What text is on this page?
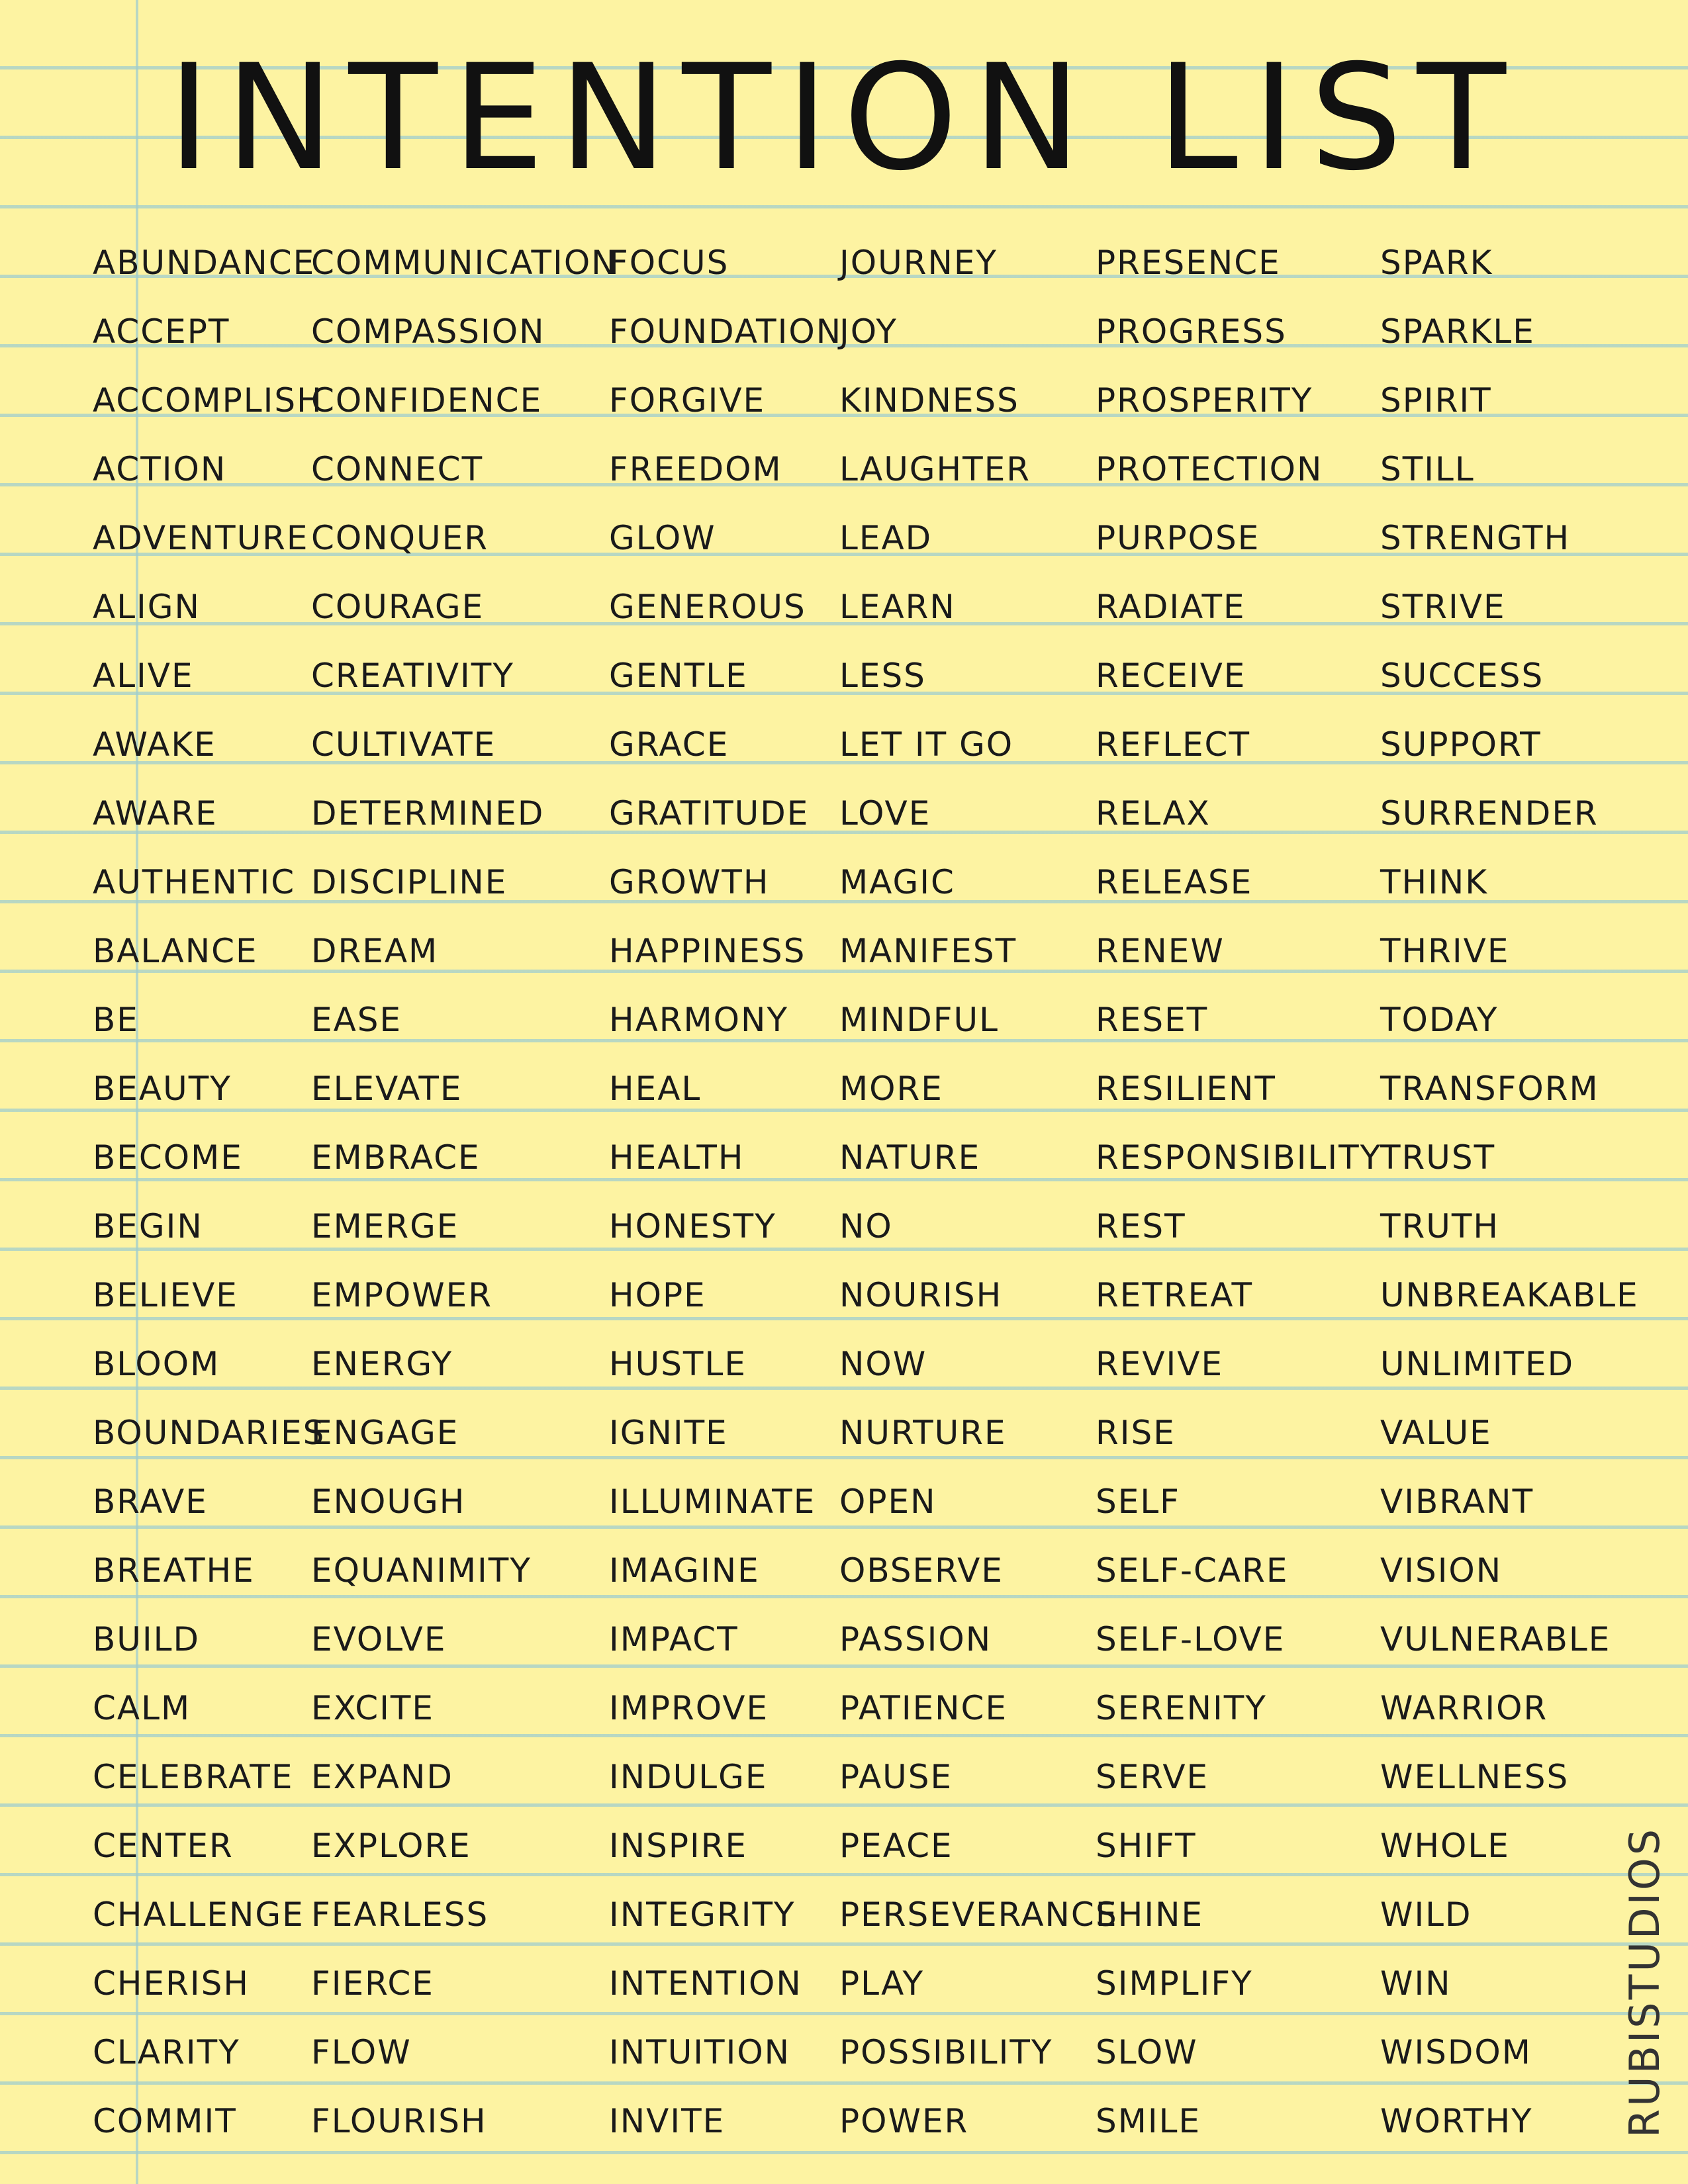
INTENTION LIST
ABUNDANCE
ACCEPT
ACCOMPLISH
ACTION
ADVENTURE
ALIGN
ALIVE
AWAKE
AWARE
AUTHENTIC
BALANCE
BE
BEAUTY
BECOME
BEGIN
BELIEVE
BLOOM
BOUNDARIES
BRAVE
BREATHE
BUILD
CALM
CELEBRATE
CENTER
CHALLENGE
CHERISH
CLARITY
COMMIT
COMMUNICATION
COMPASSION
CONFIDENCE
CONNECT
CONQUER
COURAGE
CREATIVITY
CULTIVATE
DETERMINED
DISCIPLINE
DREAM
EASE
ELEVATE
EMBRACE
EMERGE
EMPOWER
ENERGY
ENGAGE
ENOUGH
EQUANIMITY
EVOLVE
EXCITE
EXPAND
EXPLORE
FEARLESS
FIERCE
FLOW
FLOURISH
FOCUS
FOUNDATION
FORGIVE
FREEDOM
GLOW
GENEROUS
GENTLE
GRACE
GRATITUDE
GROWTH
HAPPINESS
HARMONY
HEAL
HEALTH
HONESTY
HOPE
HUSTLE
IGNITE
ILLUMINATE
IMAGINE
IMPACT
IMPROVE
INDULGE
INSPIRE
INTEGRITY
INTENTION
INTUITION
INVITE
JOURNEY
JOY
KINDNESS
LAUGHTER
LEAD
LEARN
LESS
LET IT GO
LOVE
MAGIC
MANIFEST
MINDFUL
MORE
NATURE
NO
NOURISH
NOW
NURTURE
OPEN
OBSERVE
PASSION
PATIENCE
PAUSE
PEACE
PERSEVERANCE
PLAY
POSSIBILITY
POWER
PRESENCE
PROGRESS
PROSPERITY
PROTECTION
PURPOSE
RADIATE
RECEIVE
REFLECT
RELAX
RELEASE
RENEW
RESET
RESILIENT
RESPONSIBILITY
REST
RETREAT
REVIVE
RISE
SELF
SELF-CARE
SELF-LOVE
SERENITY
SERVE
SHIFT
SHINE
SIMPLIFY
SLOW
SMILE
SPARK
SPARKLE
SPIRIT
STILL
STRENGTH
STRIVE
SUCCESS
SUPPORT
SURRENDER
THINK
THRIVE
TODAY
TRANSFORM
TRUST
TRUTH
UNBREAKABLE
UNLIMITED
VALUE
VIBRANT
VISION
VULNERABLE
WARRIOR
WELLNESS
WHOLE
WILD
WIN
WISDOM
WORTHY	RUBISTUDIOS
